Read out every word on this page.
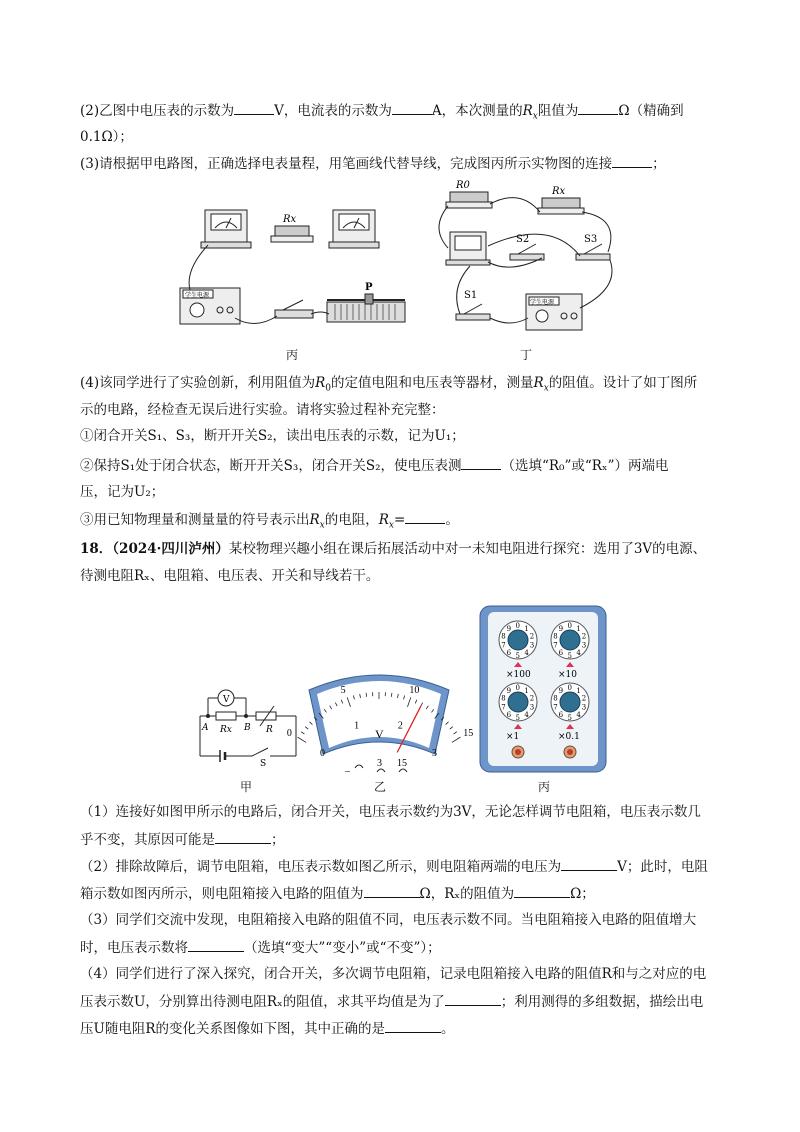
(2)乙图中电压表的示数为	V，电流表的示数为	A，本次测量的$R_x$阻值为	Ω（精确到
0.1Ω）；
(3)请根据甲电路图，正确选择电表量程，用笔画线代替导线，完成图丙所示实物图的连接	；
Rx
P
学生电源
丙
R0
Rx
S2	S3
S1
学生电源
丁
(4)该同学进行了实验创新，利用阻值为$R_0$的定值电阻和电压表等器材，测量$R_x$的阻值。设计了如丁图所
示的电路，经检查无误后进行实验。请将实验过程补充完整：
①闭合开关S₁、S₃，断开开关S₂，读出电压表的示数，记为U₁；
②保持S₁处于闭合状态，断开开关S₃，闭合开关S₂，使电压表测	（选填“R₀”或“Rₓ”）两端电
压，记为U₂；
③用已知物理量和测量量的符号表示出$R_x$的电阻，$R_x=$	。
18．（2024·四川泸州）某校物理兴趣小组在课后拓展活动中对一未知电阻进行探究：选用了3V的电源、
待测电阻Rₓ、电阻箱、电压表、开关和导线若干。
V
A	B
Rx	R
S
甲
0
5	10
15
0
1	2
3
V
–
3 15
乙
0 1
2
3
4
5
6
7
8
9
×100
0 1
2
3
4
5
6
7
8
9
×10
0 1
2
3
4
5
6
7
8
9
×1
0 1
2
3
4
5
6
7
8
9
×0.1
丙
（1）连接好如图甲所示的电路后，闭合开关，电压表示数约为3V，无论怎样调节电阻箱，电压表示数几
乎不变，其原因可能是	；
（2）排除故障后，调节电阻箱，电压表示数如图乙所示，则电阻箱两端的电压为	V；此时，电阻
箱示数如图丙所示，则电阻箱接入电路的阻值为	Ω，Rₓ的阻值为	Ω；
（3）同学们交流中发现，电阻箱接入电路的阻值不同，电压表示数不同。当电阻箱接入电路的阻值增大
时，电压表示数将	（选填“变大”“变小”或“不变”）；
（4）同学们进行了深入探究，闭合开关，多次调节电阻箱，记录电阻箱接入电路的阻值R和与之对应的电
压表示数U，分别算出待测电阻Rₓ的阻值，求其平均值是为了	；利用测得的多组数据，描绘出电
压U随电阻R的变化关系图像如下图，其中正确的是	。
